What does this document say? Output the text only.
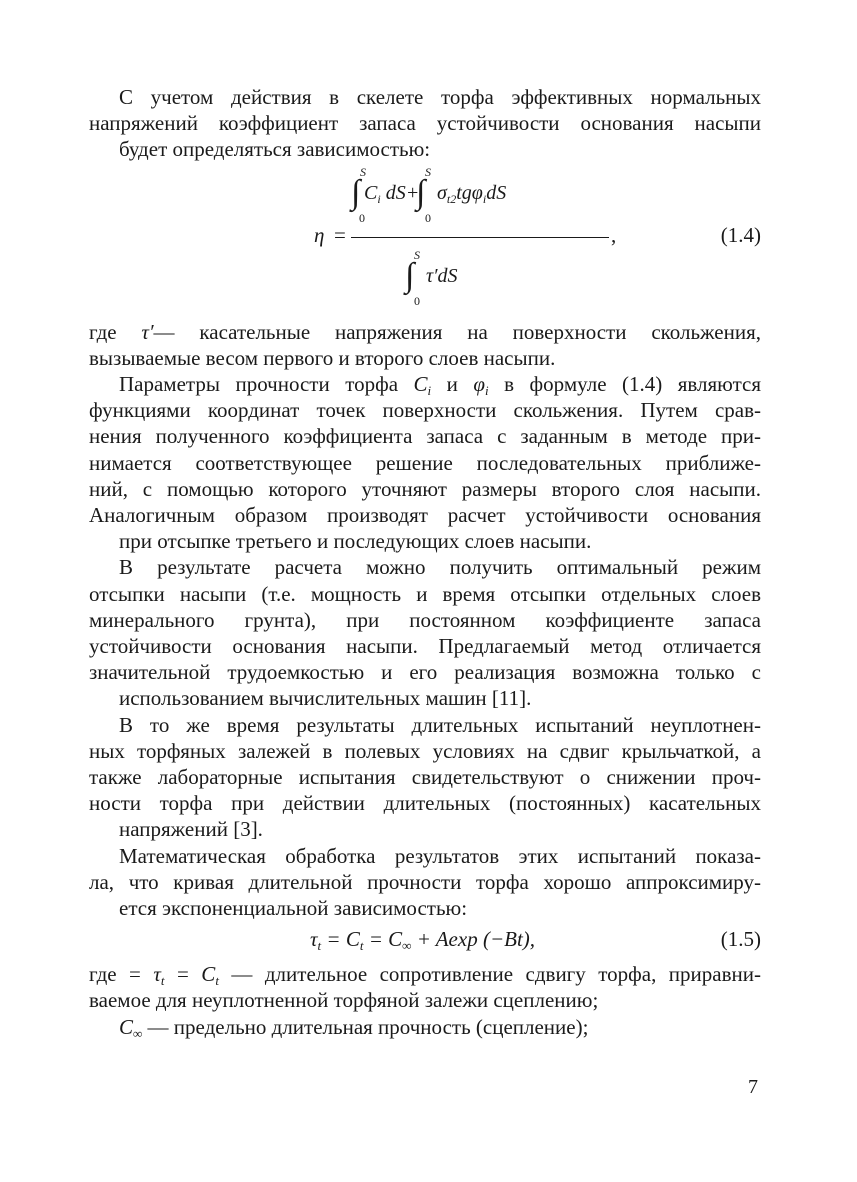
С учетом действия в скелете торфа эффективных нормальных
напряжений коэффициент запаса устойчивости основания насыпи
будет определяться зависимостью:
S
∫
0
$C_i$ dS+
S
∫
0
$\sigma_{t2}tg\varphi_idS$
η =	,
S
∫
0
τ′dS
(1.4)
где τ′— касательные напряжения на поверхности скольжения,
вызываемые весом первого и второго слоев насыпи.
Параметры прочности торфа $C_i$ и $\varphi_i$ в формуле (1.4) являются
функциями координат точек поверхности скольжения. Путем срав-
нения полученного коэффициента запаса с заданным в методе при-
нимается соответствующее решение последовательных приближе-
ний, с помощью которого уточняют размеры второго слоя насыпи.
Аналогичным образом производят расчет устойчивости основания
при отсыпке третьего и последующих слоев насыпи.
В результате расчета можно получить оптимальный режим
отсыпки насыпи (т.е. мощность и время отсыпки отдельных слоев
минерального грунта), при постоянном коэффициенте запаса
устойчивости основания насыпи. Предлагаемый метод отличается
значительной трудоемкостью и его реализация возможна только с
использованием вычислительных машин [11].
В то же время результаты длительных испытаний неуплотнен-
ных торфяных залежей в полевых условиях на сдвиг крыльчаткой, а
также лабораторные испытания свидетельствуют о снижении проч-
ности торфа при действии длительных (постоянных) касательных
напряжений [3].
Математическая обработка результатов этих испытаний показа-
ла, что кривая длительной прочности торфа хорошо аппроксимиру-
ется экспоненциальной зависимостью:
$\tau_t = C_t = C_\infty + Aexp$ (−Bt),	(1.5)
где = $\tau_t = C_t$ — длительное сопротивление сдвигу торфа, приравни-
ваемое для неуплотненной торфяной залежи сцеплению;
$C_\infty$ — предельно длительная прочность (сцепление);
7
